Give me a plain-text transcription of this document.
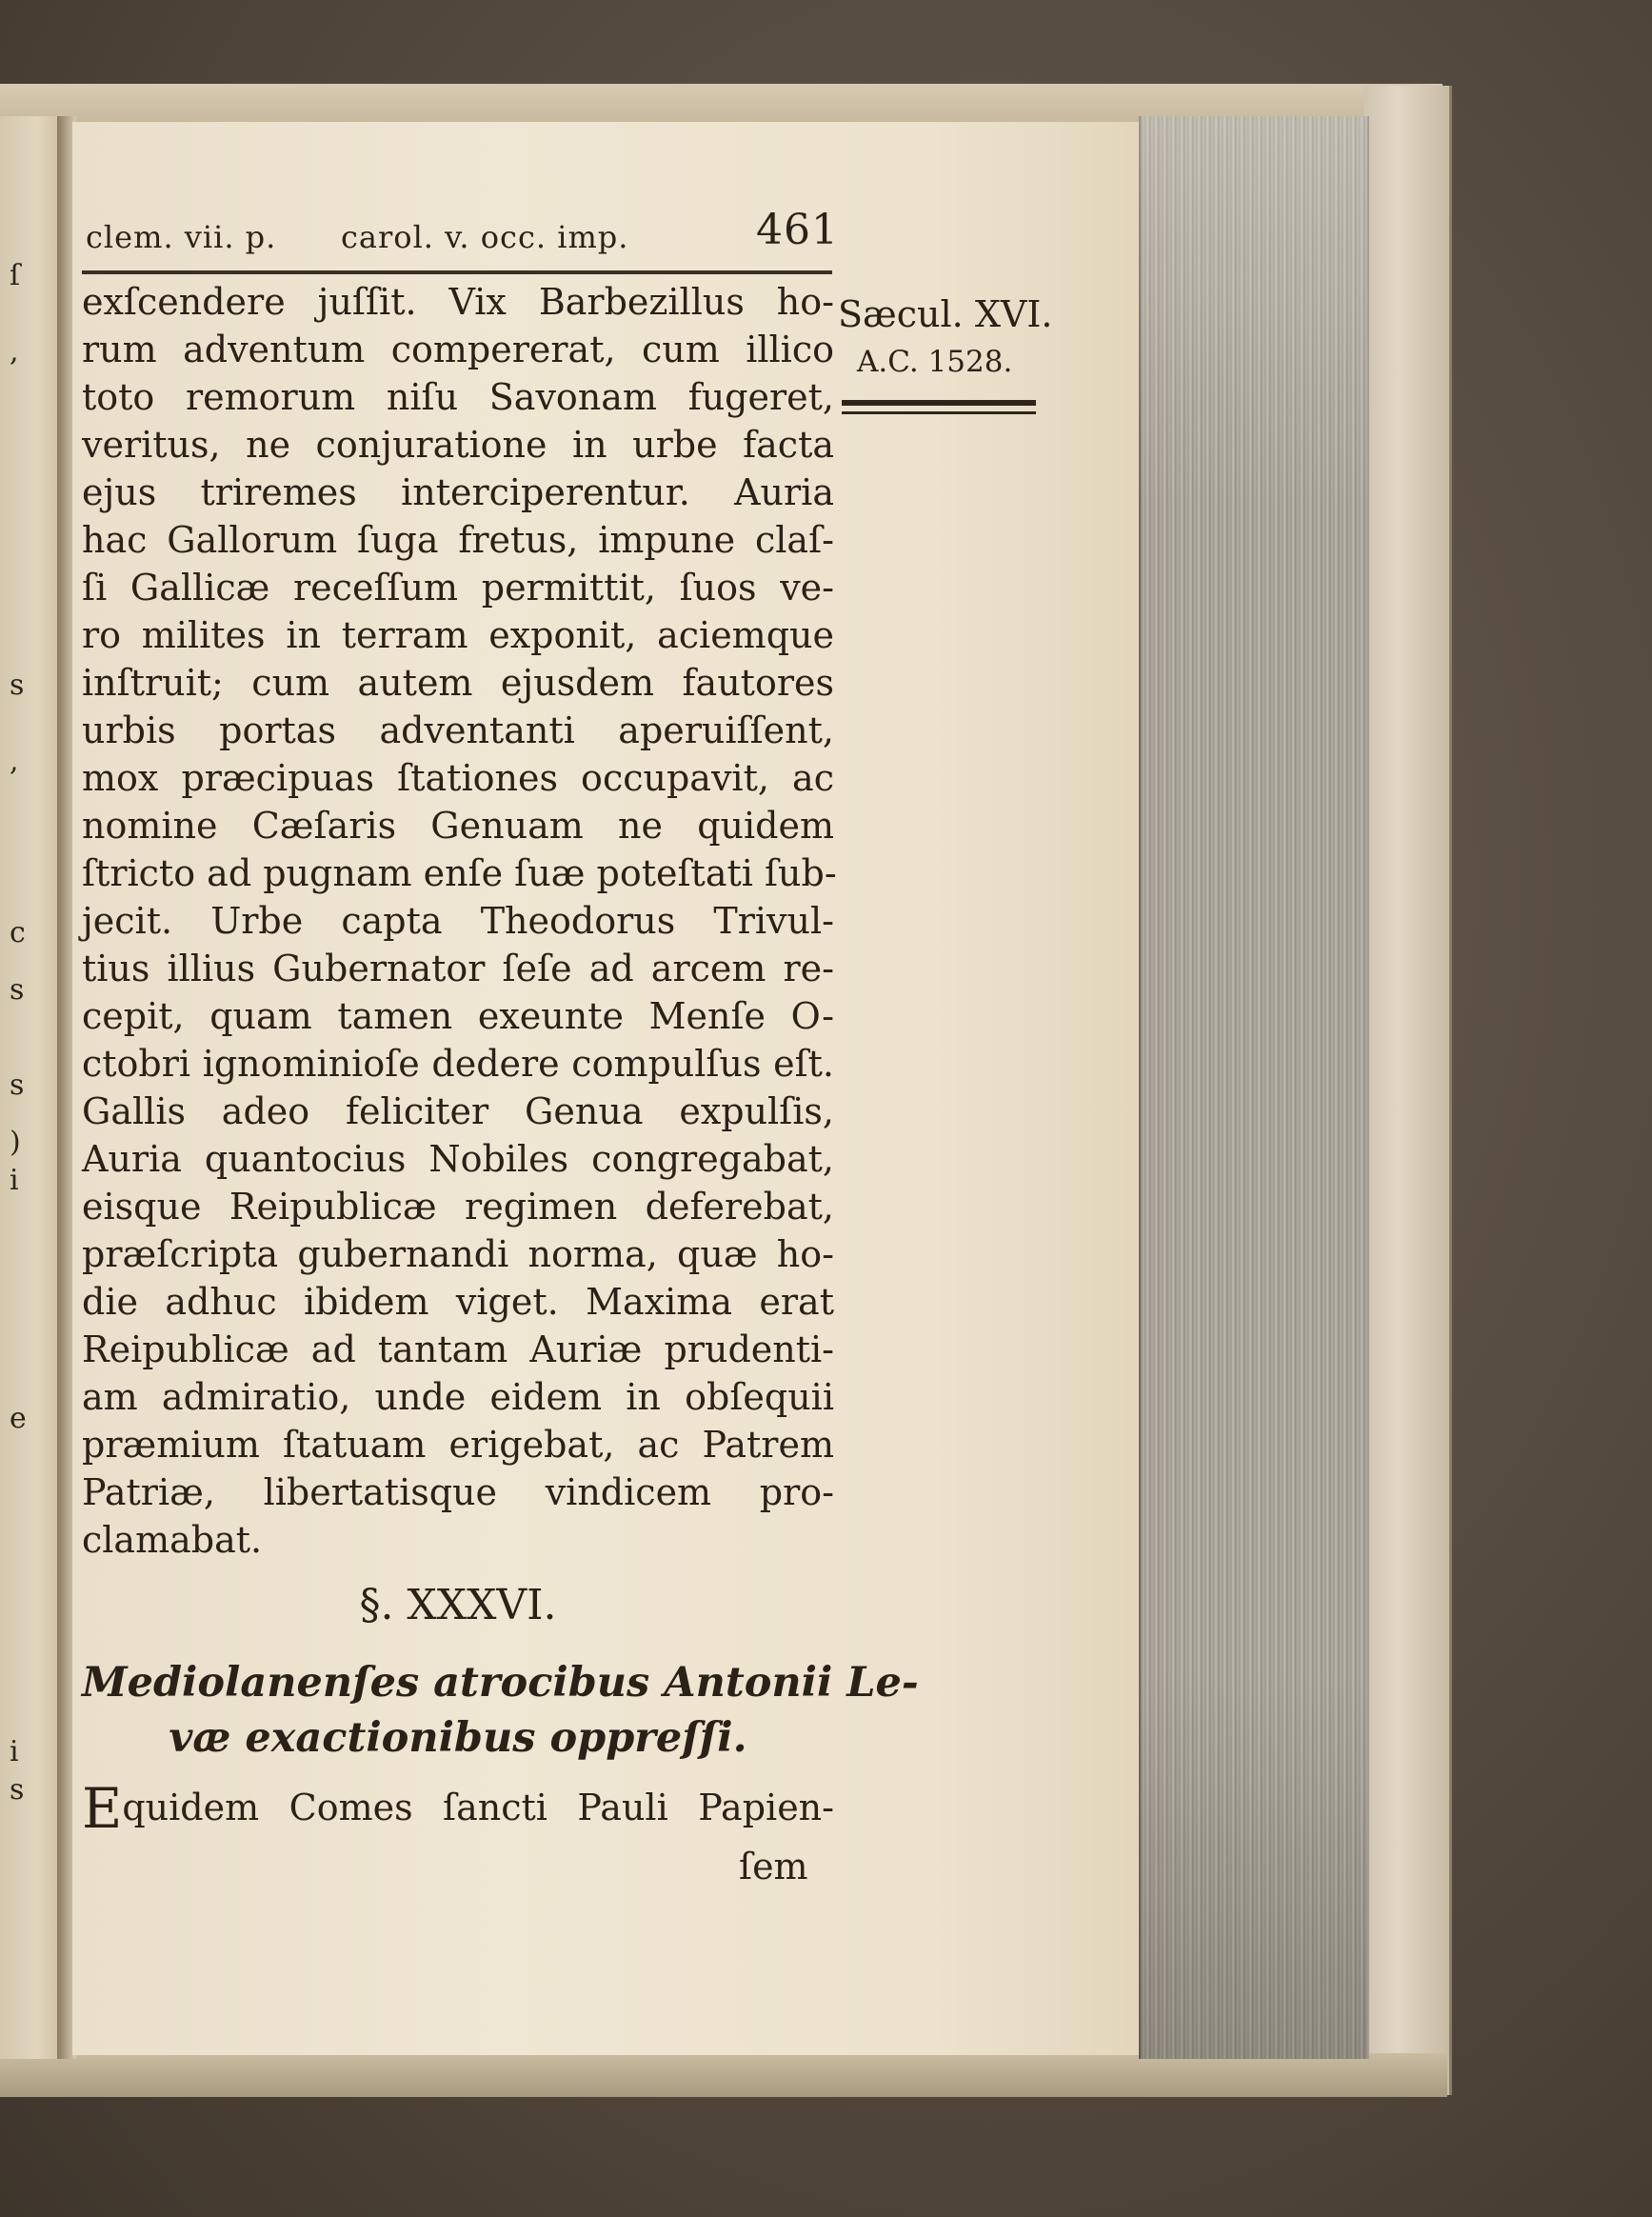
ſ
,
s
,
c
s
s
)
i
e
i
s
clem. vii. p. carol. v. occ. imp.	461
Sæcul. XVI.
A.C. 1528.
exſcendere juſſit. Vix Barbezillus ho-
rum adventum compererat, cum illico
toto remorum niſu Savonam fugeret,
veritus, ne conjuratione in urbe facta
ejus triremes interciperentur. Auria
hac Gallorum ſuga fretus, impune claſ-
ſi Gallicæ receſſum permittit, ſuos ve-
ro milites in terram exponit, aciemque
inſtruit; cum autem ejusdem fautores
urbis portas adventanti aperuiſſent,
mox præcipuas ſtationes occupavit, ac
nomine Cæſaris Genuam ne quidem
ſtricto ad pugnam enſe ſuæ poteſtati ſub-
jecit. Urbe capta Theodorus Trivul-
tius illius Gubernator ſeſe ad arcem re-
cepit, quam tamen exeunte Menſe O-
ctobri ignominioſe dedere compulſus eſt.
Gallis adeo feliciter Genua expulſis,
Auria quantocius Nobiles congregabat,
eisque Reipublicæ regimen deferebat,
præſcripta gubernandi norma, quæ ho-
die adhuc ibidem viget. Maxima erat
Reipublicæ ad tantam Auriæ prudenti-
am admiratio, unde eidem in obſequii
præmium ſtatuam erigebat, ac Patrem
Patriæ, libertatisque vindicem pro-
clamabat.
§. XXXVI.
Mediolanenſes atrocibus Antonii Le-
væ exactionibus oppreſſi.
Equidem Comes ſancti Pauli Papien-
ſem
